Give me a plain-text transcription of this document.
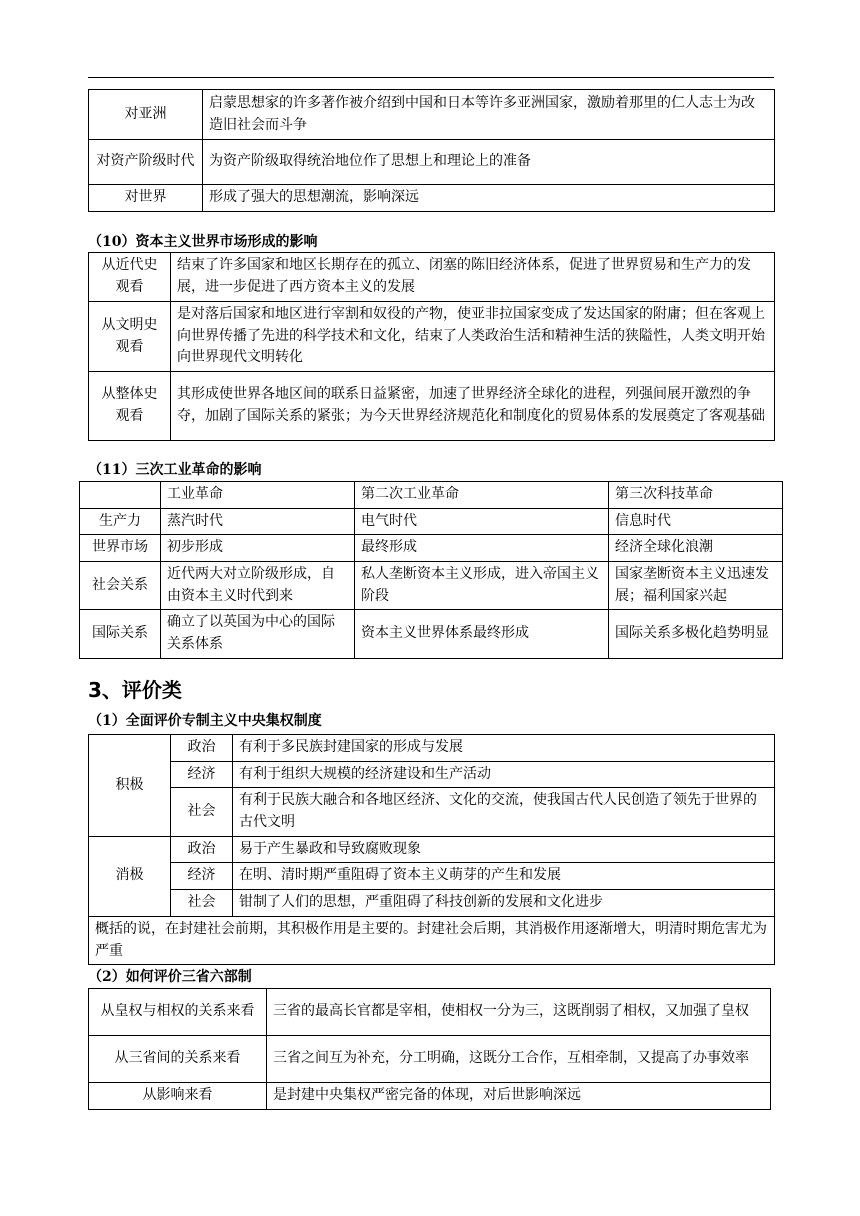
对亚洲	启蒙思想家的许多著作被介绍到中国和日本等许多亚洲国家，激励着那里的仁人志士为改造旧社会而斗争
对资产阶级时代	为资产阶级取得统治地位作了思想上和理论上的准备
对世界	形成了强大的思想潮流，影响深远
（10）资本主义世界市场形成的影响
从近代史观看	结束了许多国家和地区长期存在的孤立、闭塞的陈旧经济体系，促进了世界贸易和生产力的发展，进一步促进了西方资本主义的发展
从文明史观看	是对落后国家和地区进行宰割和奴役的产物，使亚非拉国家变成了发达国家的附庸；但在客观上向世界传播了先进的科学技术和文化，结束了人类政治生活和精神生活的狭隘性，人类文明开始向世界现代文明转化
从整体史观看	其形成使世界各地区间的联系日益紧密，加速了世界经济全球化的进程，列强间展开激烈的争夺，加剧了国际关系的紧张；为今天世界经济规范化和制度化的贸易体系的发展奠定了客观基础
（11）三次工业革命的影响
	工业革命	第二次工业革命	第三次科技革命
生产力	蒸汽时代	电气时代	信息时代
世界市场	初步形成	最终形成	经济全球化浪潮
社会关系	近代两大对立阶级形成，自由资本主义时代到来	私人垄断资本主义形成，进入帝国主义阶段	国家垄断资本主义迅速发展；福利国家兴起
国际关系	确立了以英国为中心的国际关系体系	资本主义世界体系最终形成	国际关系多极化趋势明显
3、评价类
（1）全面评价专制主义中央集权制度
积极	政治	有利于多民族封建国家的形成与发展
	经济	有利于组织大规模的经济建设和生产活动
	社会	有利于民族大融合和各地区经济、文化的交流，使我国古代人民创造了领先于世界的古代文明
消极	政治	易于产生暴政和导致腐败现象
	经济	在明、清时期严重阻碍了资本主义萌芽的产生和发展
	社会	钳制了人们的思想，严重阻碍了科技创新的发展和文化进步
概括的说，在封建社会前期，其积极作用是主要的。封建社会后期，其消极作用逐渐增大，明清时期危害尤为严重		
（2）如何评价三省六部制
从皇权与相权的关系来看	三省的最高长官都是宰相，使相权一分为三，这既削弱了相权，又加强了皇权
从三省间的关系来看	三省之间互为补充，分工明确，这既分工合作，互相牵制，又提高了办事效率
从影响来看	是封建中央集权严密完备的体现，对后世影响深远
